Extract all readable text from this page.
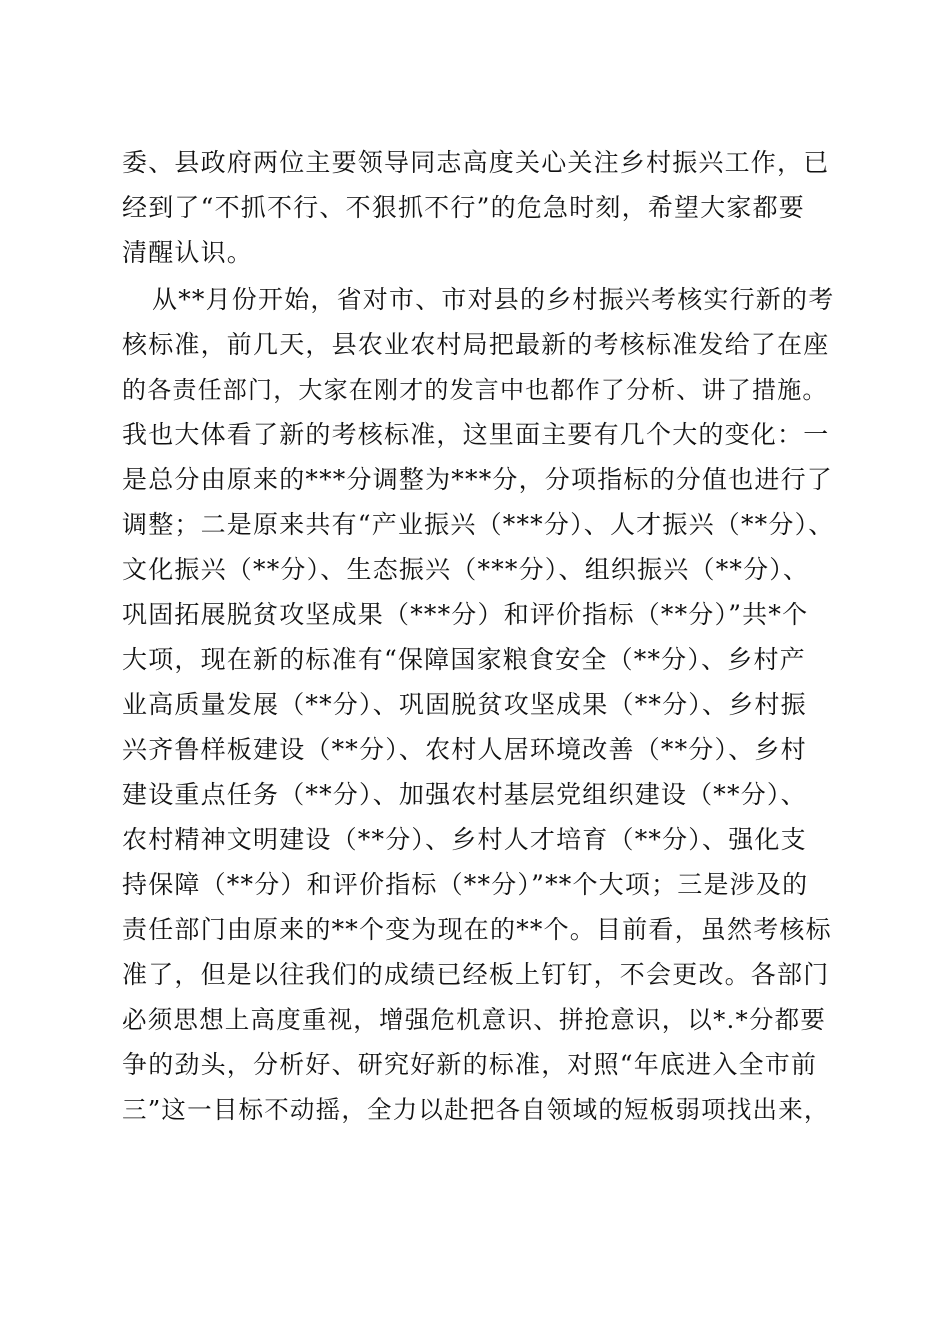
委、县政府两位主要领导同志高度关心关注乡村振兴工作，已
经到了“不抓不行、不狠抓不行”的危急时刻，希望大家都要
清醒认识。
从**月份开始，省对市、市对县的乡村振兴考核实行新的考
核标准，前几天，县农业农村局把最新的考核标准发给了在座
的各责任部门，大家在刚才的发言中也都作了分析、讲了措施。
我也大体看了新的考核标准，这里面主要有几个大的变化：一
是总分由原来的***分调整为***分，分项指标的分值也进行了
调整；二是原来共有“产业振兴（***分）、人才振兴（**分）、
文化振兴（**分）、生态振兴（***分）、组织振兴（**分）、
巩固拓展脱贫攻坚成果（***分）和评价指标（**分）”共*个
大项，现在新的标准有“保障国家粮食安全（**分）、乡村产
业高质量发展（**分）、巩固脱贫攻坚成果（**分）、乡村振
兴齐鲁样板建设（**分）、农村人居环境改善（**分）、乡村
建设重点任务（**分）、加强农村基层党组织建设（**分）、
农村精神文明建设（**分）、乡村人才培育（**分）、强化支
持保障（**分）和评价指标（**分）”**个大项；三是涉及的
责任部门由原来的**个变为现在的**个。目前看，虽然考核标
准了，但是以往我们的成绩已经板上钉钉，不会更改。各部门
必须思想上高度重视，增强危机意识、拼抢意识，以*.*分都要
争的劲头，分析好、研究好新的标准，对照“年底进入全市前
三”这一目标不动摇，全力以赴把各自领域的短板弱项找出来，
